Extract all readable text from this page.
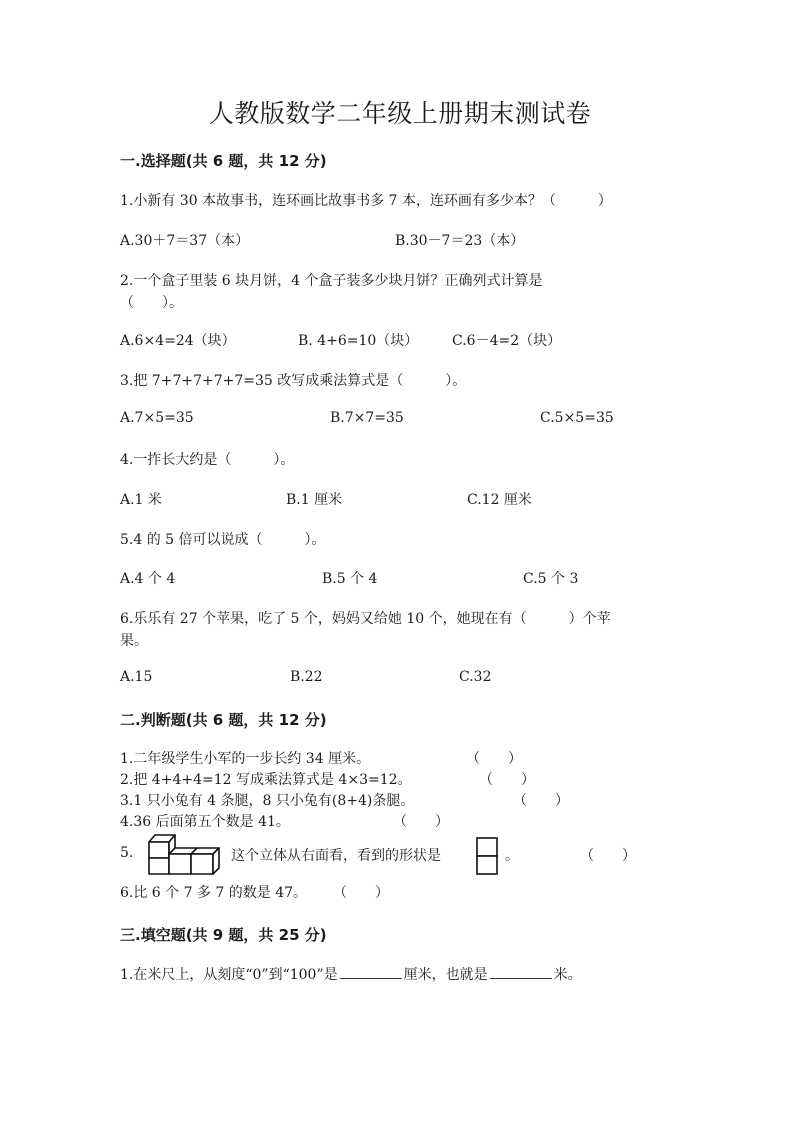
人教版数学二年级上册期末测试卷
一.选择题(共 6 题，共 12 分)
1.小新有 30 本故事书，连环画比故事书多 7 本，连环画有多少本？（　　　）
A.30＋7＝37（本）	B.30－7＝23（本）
2.一个盒子里装 6 块月饼，4 个盒子装多少块月饼？正确列式计算是
（　　）。
A.6×4=24（块）	B. 4+6=10（块） C.6－4=2（块）
3.把 7+7+7+7+7=35 改写成乘法算式是（　　　）。
A.7×5=35	B.7×7=35	C.5×5=35
4.一拃长大约是（　　　）。
A.1 米	B.1 厘米	C.12 厘米
5.4 的 5 倍可以说成（　　　）。
A.4 个 4	B.5 个 4	C.5 个 3
6.乐乐有 27 个苹果，吃了 5 个，妈妈又给她 10 个，她现在有（　　　）个苹
果。
A.15	B.22	C.32
二.判断题(共 6 题，共 12 分)
1.二年级学生小军的一步长约 34 厘米。	（　　）
2.把 4+4+4=12 写成乘法算式是 4×3=12。	（　　）
3.1 只小兔有 4 条腿，8 只小兔有(8+4)条腿。	（　　）
4.36 后面第五个数是 41。	（　　）
5.	这个立体从右面看，看到的形状是	。	（　　）
6.比 6 个 7 多 7 的数是 47。 （　　）
三.填空题(共 9 题，共 25 分)
1.在米尺上，从刻度“0”到“100”是	厘米，也就是	米。
